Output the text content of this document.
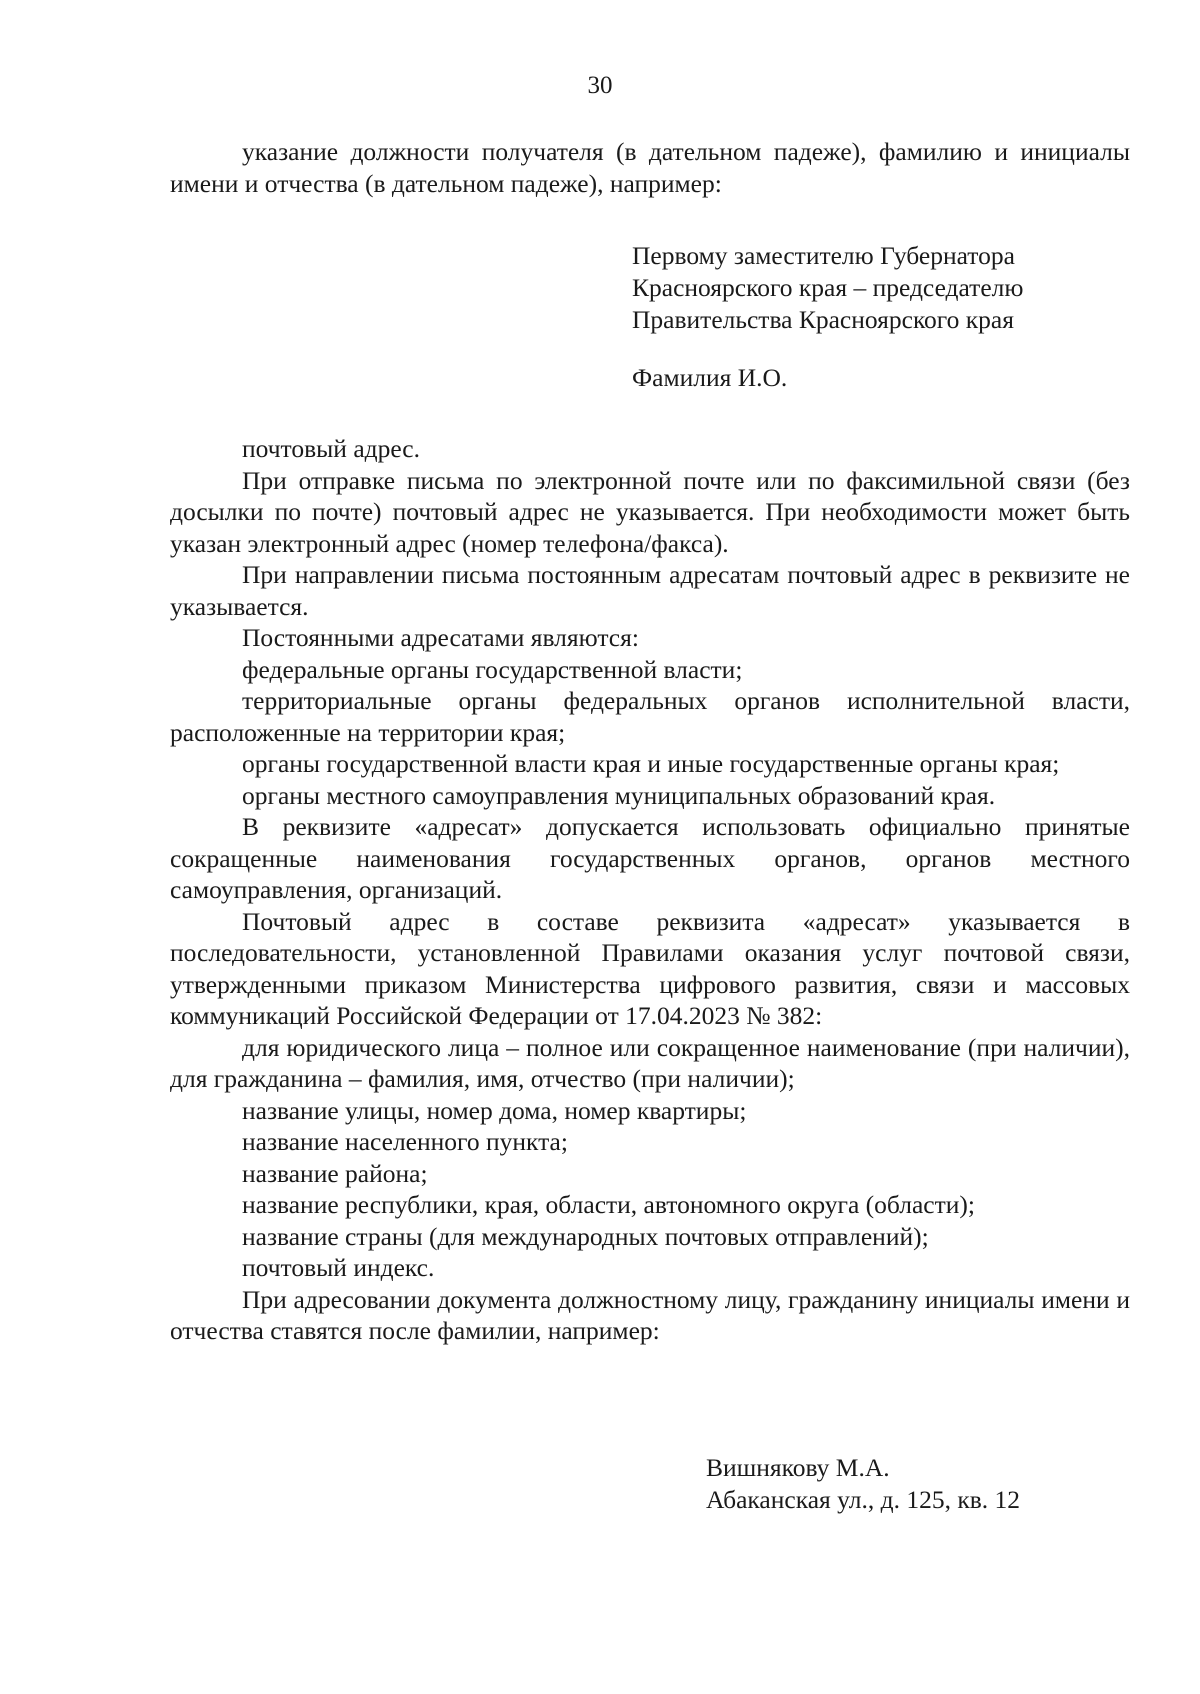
30

указание должности получателя (в дательном падеже), фамилию и инициалы имени и отчества (в дательном падеже), например:

Первому заместителю Губернатора
Красноярского края – председателю
Правительства Красноярского края
Фамилия И.О.

почтовый адрес.

При отправке письма по электронной почте или по факсимильной связи (без досылки по почте) почтовый адрес не указывается. При необходимости может быть указан электронный адрес (номер телефона/факса).

При направлении письма постоянным адресатам почтовый адрес в реквизите не указывается.

Постоянными адресатами являются:

федеральные органы государственной власти;

территориальные органы федеральных органов исполнительной власти, расположенные на территории края;

органы государственной власти края и иные государственные органы края;

органы местного самоуправления муниципальных образований края.

В реквизите «адресат» допускается использовать официально принятые сокращенные наименования государственных органов, органов местного самоуправления, организаций.

Почтовый адрес в составе реквизита «адресат» указывается в последовательности, установленной Правилами оказания услуг почтовой связи, утвержденными приказом Министерства цифрового развития, связи и массовых коммуникаций Российской Федерации от 17.04.2023 № 382:

для юридического лица – полное или сокращенное наименование (при наличии), для гражданина – фамилия, имя, отчество (при наличии);

название улицы, номер дома, номер квартиры;

название населенного пункта;

название района;

название республики, края, области, автономного округа (области);

название страны (для международных почтовых отправлений);

почтовый индекс.

При адресовании документа должностному лицу, гражданину инициалы имени и отчества ставятся после фамилии, например:

Вишнякову М.А.
Абаканская ул., д. 125, кв. 12
